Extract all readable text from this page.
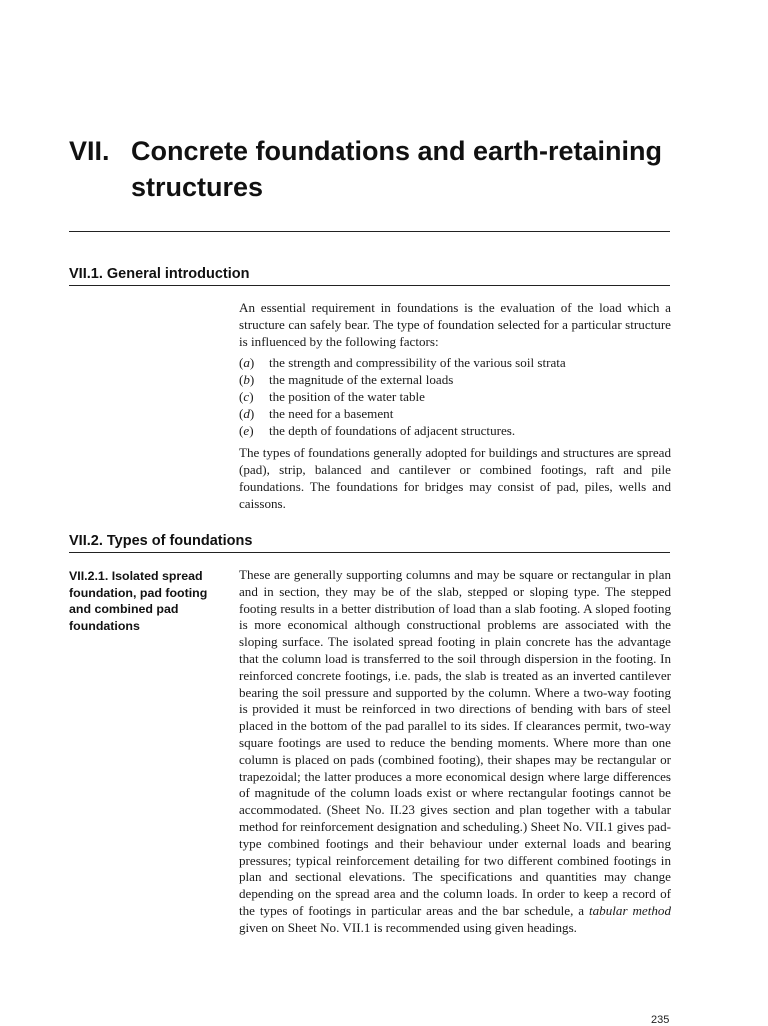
VII. Concrete foundations and earth-retaining structures
VII.1. General introduction

An essential requirement in foundations is the evaluation of the load which a structure can safely bear. The type of foundation selected for a particular structure is influenced by the following factors:

(a)	the strength and compressibility of the various soil strata
(b)	the magnitude of the external loads
(c)	the position of the water table
(d)	the need for a basement
(e)	the depth of foundations of adjacent structures.

The types of foundations generally adopted for buildings and structures are spread (pad), strip, balanced and cantilever or combined footings, raft and pile foundations. The foundations for bridges may consist of pad, piles, wells and caissons.

VII.2. Types of foundations
VII.2.1. Isolated spread foundation, pad footing and combined pad foundations

These are generally supporting columns and may be square or rectangular in plan and in section, they may be of the slab, stepped or sloping type. The stepped footing results in a better distribution of load than a slab footing. A sloped footing is more economical although constructional problems are associated with the sloping surface. The isolated spread footing in plain concrete has the advantage that the column load is transferred to the soil through dispersion in the footing. In reinforced concrete footings, i.e. pads, the slab is treated as an inverted cantilever bearing the soil pressure and supported by the column. Where a two-way footing is provided it must be reinforced in two directions of bending with bars of steel placed in the bottom of the pad parallel to its sides. If clearances permit, two-way square footings are used to reduce the bending moments. Where more than one column is placed on pads (combined footing), their shapes may be rectangular or trapezoidal; the latter produces a more economical design where large differences of magnitude of the column loads exist or where rectangular footings cannot be accommodated. (Sheet No. II.23 gives section and plan together with a tabular method for reinforcement designation and scheduling.) Sheet No. VII.1 gives pad-type combined footings and their behaviour under external loads and bearing pressures; typical reinforcement detailing for two different combined footings in plan and sectional elevations. The specifications and quantities may change depending on the spread area and the column loads. In order to keep a record of the types of footings in particular areas and the bar schedule, a tabular method given on Sheet No. VII.1 is recommended using given headings.

235
